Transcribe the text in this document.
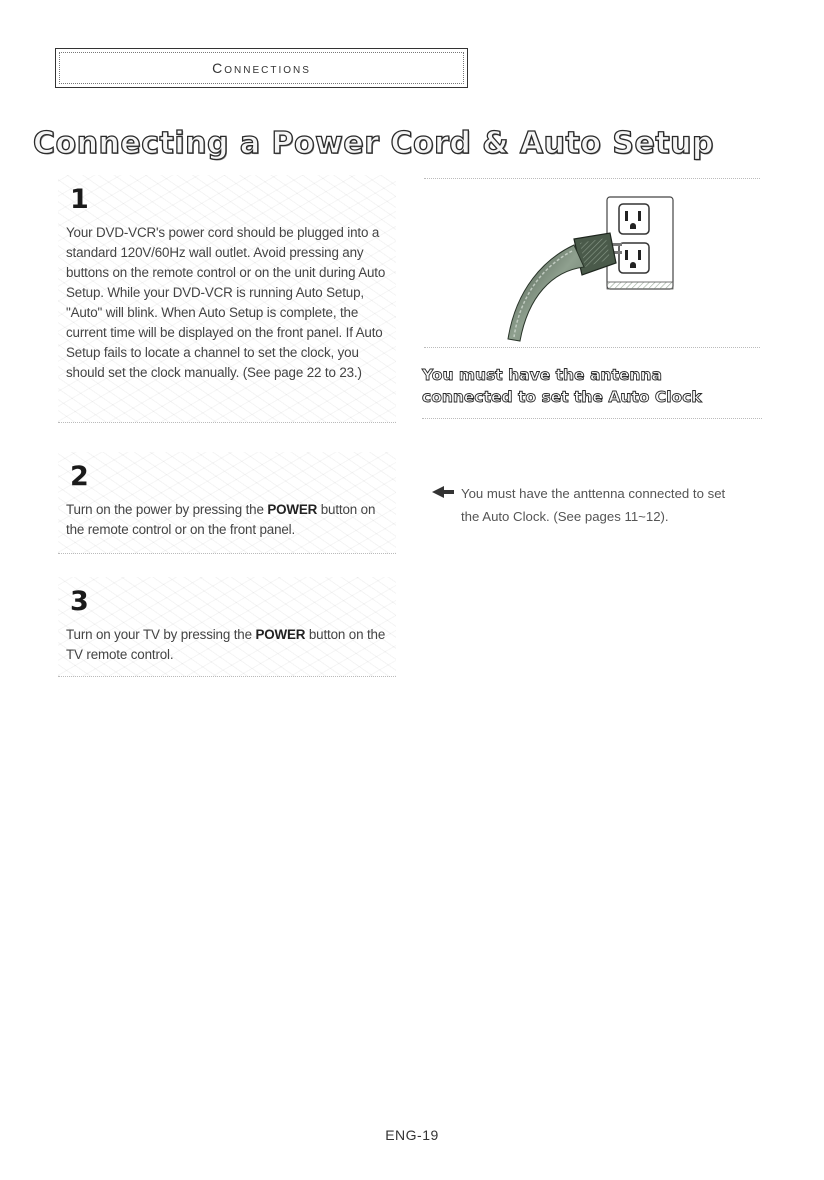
Connections
Connecting a Power Cord & Auto Setup
1
Your DVD-VCR's power cord should be plugged into a standard 120V/60Hz wall outlet. Avoid pressing any buttons on the remote control or on the unit during Auto Setup. While your DVD-VCR is running Auto Setup, "Auto" will blink. When Auto Setup is complete, the current time will be displayed on the front panel. If Auto Setup fails to locate a channel to set the clock, you should set the clock manually. (See page 22 to 23.)
2
Turn on the power by pressing the POWER button on the remote control or on the front panel.
3
Turn on your TV by pressing the POWER button on the TV remote control.
You must have the antenna
connected to set the Auto Clock
You must have the anttenna connected to set
the Auto Clock. (See pages 11~12).
ENG-19
